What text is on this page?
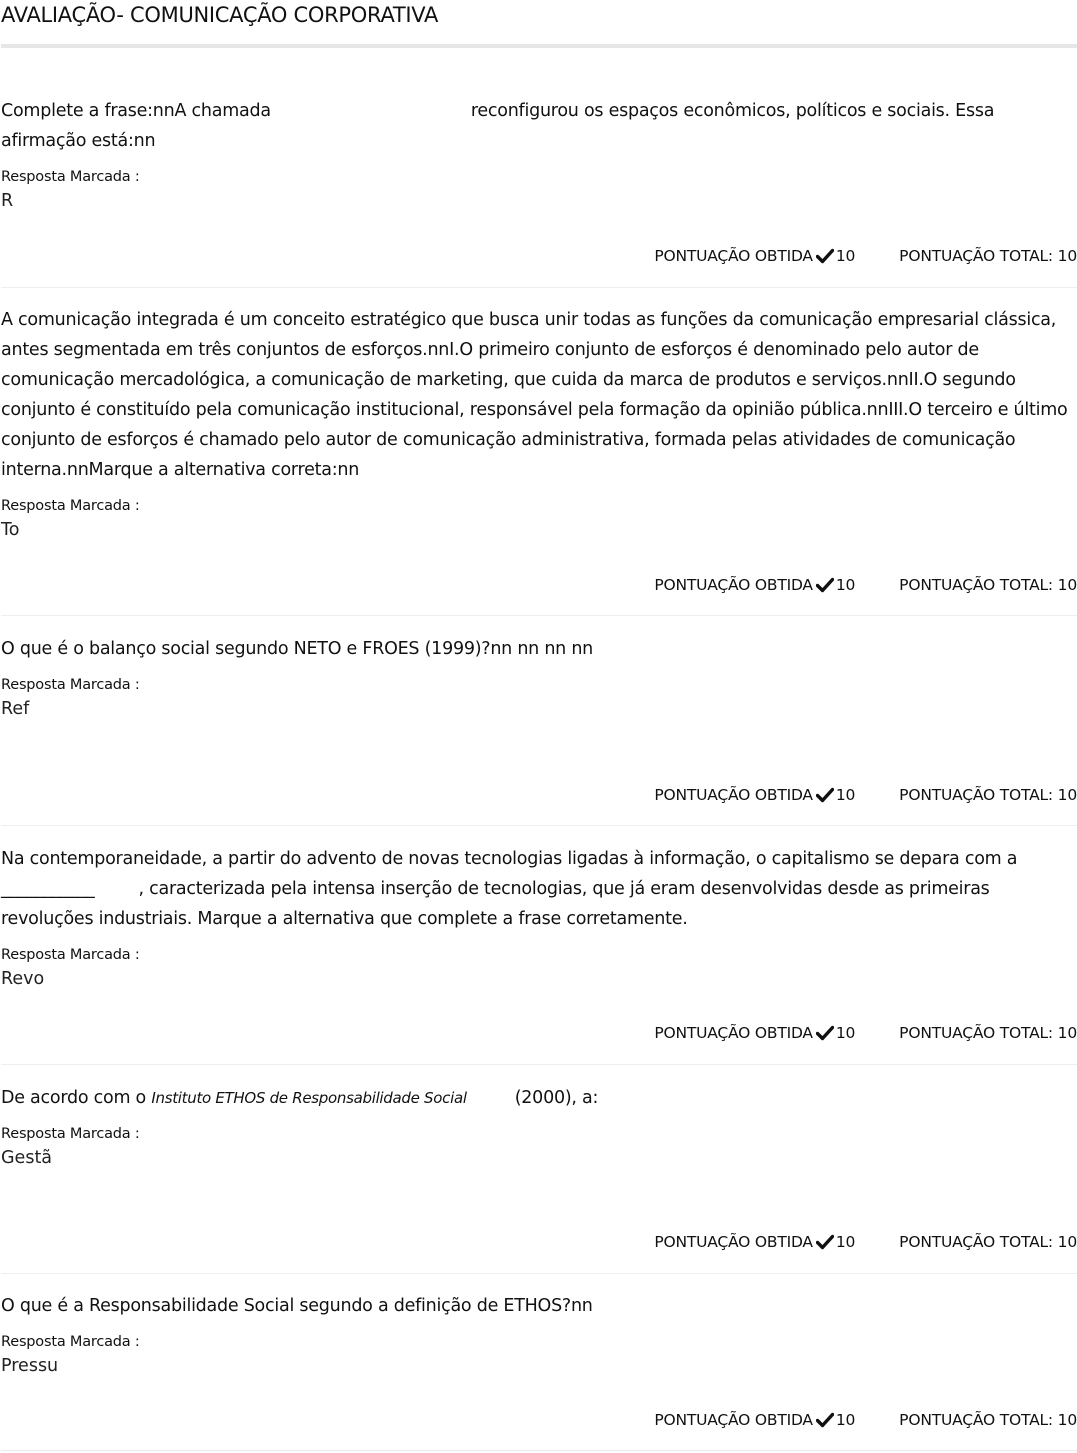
AVALIAÇÃO- COMUNICAÇÃO CORPORATIVA

Complete a frase:nnA chamada	reconfigurou os espaços econômicos, políticos e sociais. Essa afirmação está:nn

Resposta Marcada :
R
PONTUAÇÃO OBTIDA 10	PONTUAÇÃO TOTAL: 10

A comunicação integrada é um conceito estratégico que busca unir todas as funções da comunicação empresarial clássica, antes segmentada em três conjuntos de esforços.nnI.O primeiro conjunto de esforços é denominado pelo autor de comunicação mercadológica, a comunicação de marketing, que cuida da marca de produtos e serviços.nnII.O segundo conjunto é constituído pela comunicação institucional, responsável pela formação da opinião pública.nnIII.O terceiro e último conjunto de esforços é chamado pelo autor de comunicação administrativa, formada pelas atividades de comunicação interna.nnMarque a alternativa correta:nn

Resposta Marcada :
To
PONTUAÇÃO OBTIDA 10	PONTUAÇÃO TOTAL: 10

O que é o balanço social segundo NETO e FROES (1999)?nn nn nn nn

Resposta Marcada :
Ref
PONTUAÇÃO OBTIDA 10	PONTUAÇÃO TOTAL: 10

Na contemporaneidade, a partir do advento de novas tecnologias ligadas à informação, o capitalismo se depara com a ___________	, caracterizada pela intensa inserção de tecnologias, que já eram desenvolvidas desde as primeiras revoluções industriais. Marque a alternativa que complete a frase corretamente.

Resposta Marcada :
Revo
PONTUAÇÃO OBTIDA 10	PONTUAÇÃO TOTAL: 10

De acordo com o Instituto ETHOS de Responsabilidade Social	(2000), a:

Resposta Marcada :
Gestã
PONTUAÇÃO OBTIDA 10	PONTUAÇÃO TOTAL: 10

O que é a Responsabilidade Social segundo a definição de ETHOS?nn

Resposta Marcada :
Pressu
PONTUAÇÃO OBTIDA 10	PONTUAÇÃO TOTAL: 10
